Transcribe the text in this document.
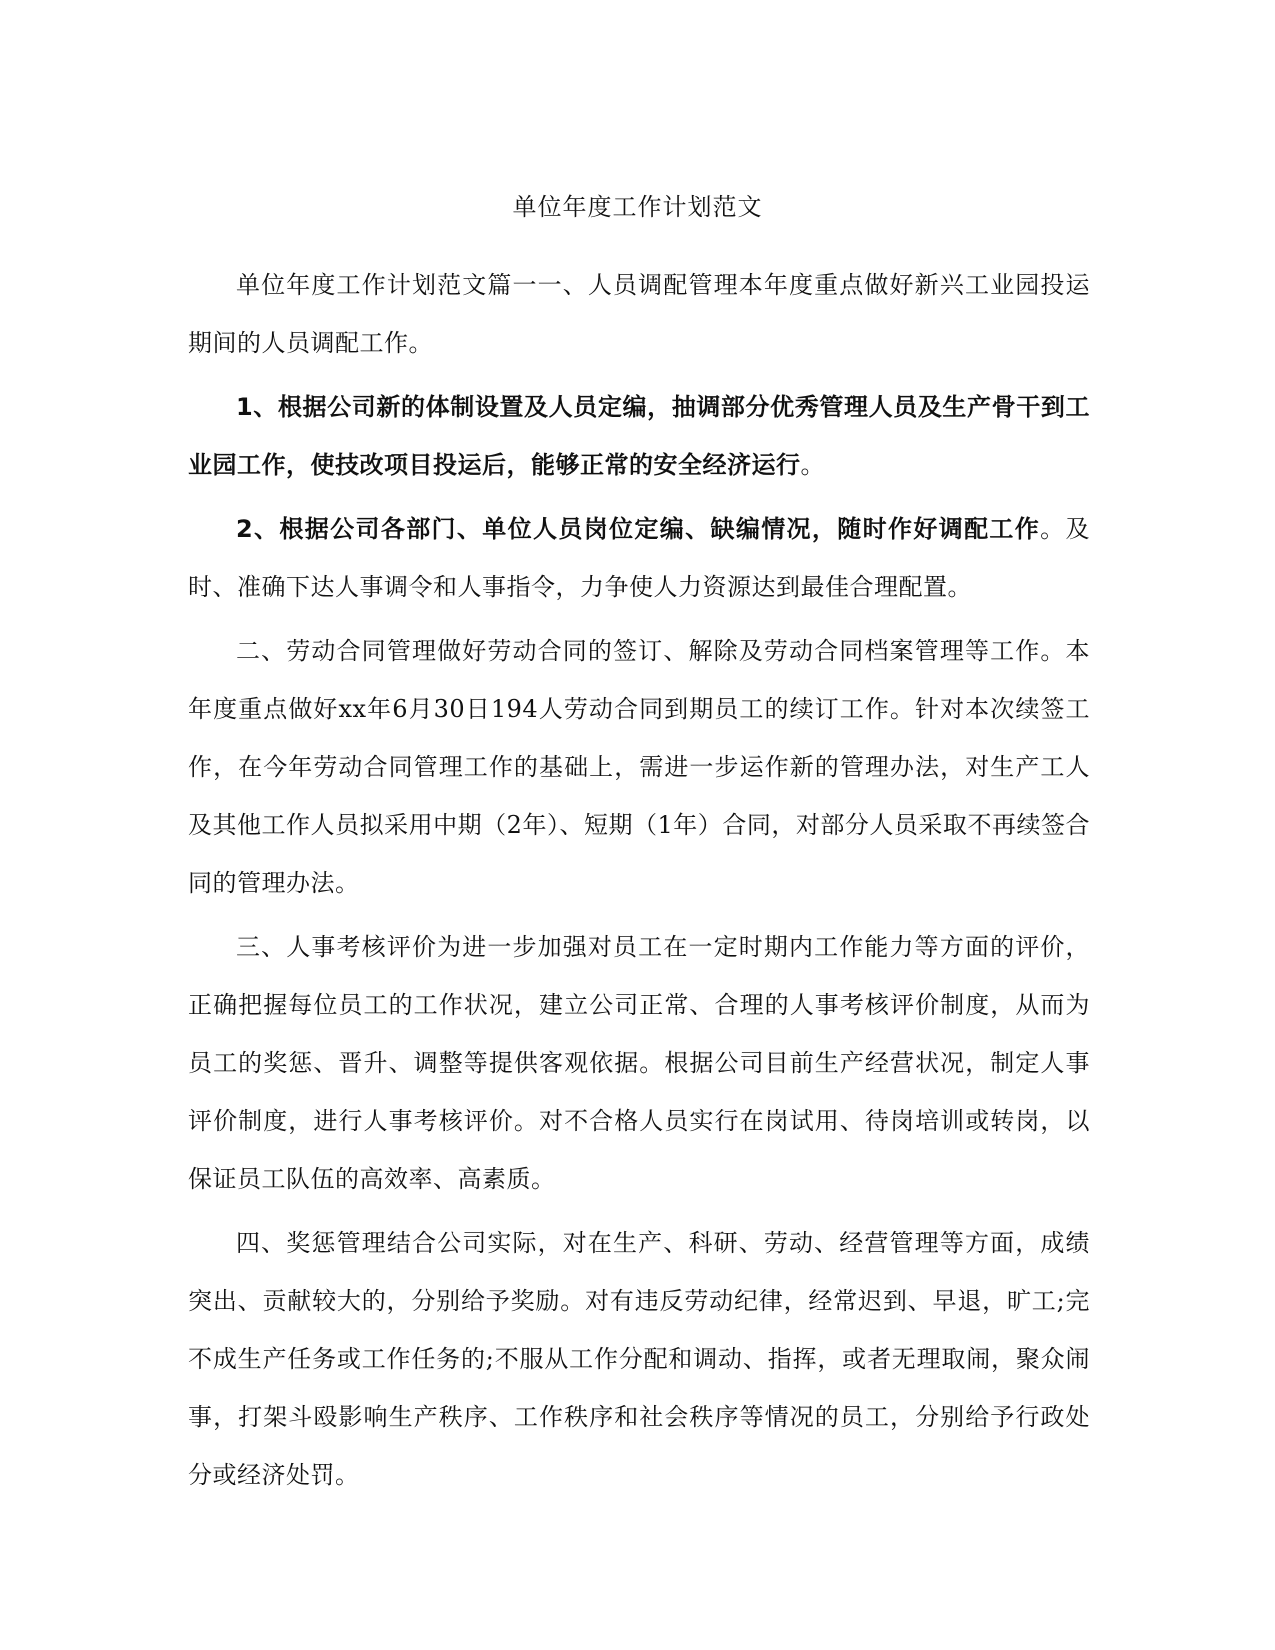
单位年度工作计划范文

单位年度工作计划范文篇一一、人员调配管理本年度重点做好新兴工业园投运期间的人员调配工作。

1、根据公司新的体制设置及人员定编，抽调部分优秀管理人员及生产骨干到工业园工作，使技改项目投运后，能够正常的安全经济运行。

2、根据公司各部门、单位人员岗位定编、缺编情况，随时作好调配工作。及时、准确下达人事调令和人事指令，力争使人力资源达到最佳合理配置。

二、劳动合同管理做好劳动合同的签订、解除及劳动合同档案管理等工作。本年度重点做好xx年6月30日194人劳动合同到期员工的续订工作。针对本次续签工作，在今年劳动合同管理工作的基础上，需进一步运作新的管理办法，对生产工人及其他工作人员拟采用中期（2年）、短期（1年）合同，对部分人员采取不再续签合同的管理办法。

三、人事考核评价为进一步加强对员工在一定时期内工作能力等方面的评价，正确把握每位员工的工作状况，建立公司正常、合理的人事考核评价制度，从而为员工的奖惩、晋升、调整等提供客观依据。根据公司目前生产经营状况，制定人事评价制度，进行人事考核评价。对不合格人员实行在岗试用、待岗培训或转岗，以保证员工队伍的高效率、高素质。

四、奖惩管理结合公司实际，对在生产、科研、劳动、经营管理等方面，成绩突出、贡献较大的，分别给予奖励。对有违反劳动纪律，经常迟到、早退，旷工;完不成生产任务或工作任务的;不服从工作分配和调动、指挥，或者无理取闹，聚众闹事，打架斗殴影响生产秩序、工作秩序和社会秩序等情况的员工，分别给予行政处分或经济处罚。
